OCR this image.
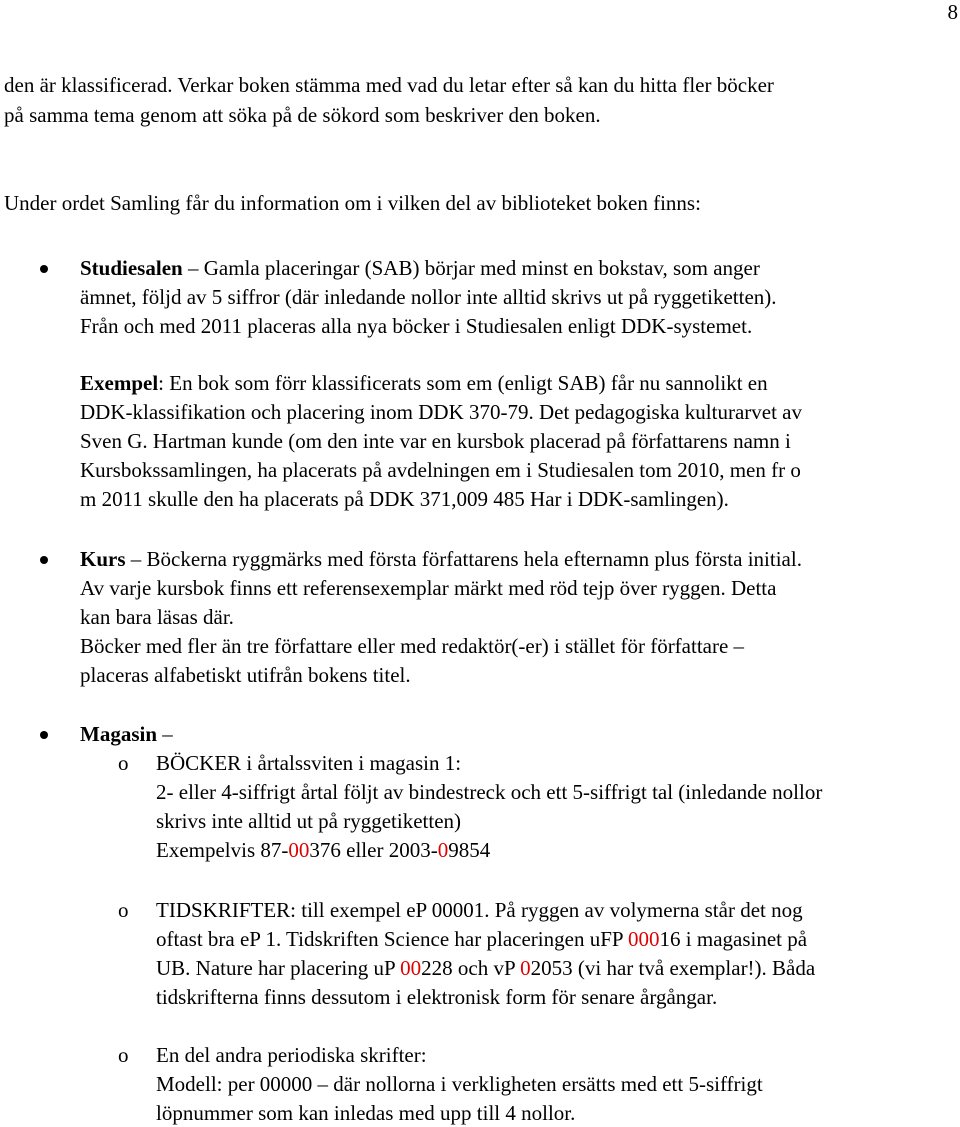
8
den är klassificerad. Verkar boken stämma med vad du letar efter så kan du hitta fler böcker
på samma tema genom att söka på de sökord som beskriver den boken.
Under ordet Samling får du information om i vilken del av biblioteket boken finns:
Studiesalen – Gamla placeringar (SAB) börjar med minst en bokstav, som anger
ämnet, följd av 5 siffror (där inledande nollor inte alltid skrivs ut på ryggetiketten).
Från och med 2011 placeras alla nya böcker i Studiesalen enligt DDK-systemet.
Exempel: En bok som förr klassificerats som em (enligt SAB) får nu sannolikt en
DDK-klassifikation och placering inom DDK 370-79. Det pedagogiska kulturarvet av
Sven G. Hartman kunde (om den inte var en kursbok placerad på författarens namn i
Kursbokssamlingen, ha placerats på avdelningen em i Studiesalen tom 2010, men fr o
m 2011 skulle den ha placerats på DDK 371,009 485 Har i DDK-samlingen).
Kurs – Böckerna ryggmärks med första författarens hela efternamn plus första initial.
Av varje kursbok finns ett referensexemplar märkt med röd tejp över ryggen. Detta
kan bara läsas där.
Böcker med fler än tre författare eller med redaktör(-er) i stället för författare –
placeras alfabetiskt utifrån bokens titel.
Magasin –
o BÖCKER i årtalssviten i magasin 1:
2- eller 4-siffrigt årtal följt av bindestreck och ett 5-siffrigt tal (inledande nollor
skrivs inte alltid ut på ryggetiketten)
Exempelvis 87-00376 eller 2003-09854
o TIDSKRIFTER: till exempel eP 00001. På ryggen av volymerna står det nog
oftast bra eP 1. Tidskriften Science har placeringen uFP 00016 i magasinet på
UB. Nature har placering uP 00228 och vP 02053 (vi har två exemplar!). Båda
tidskrifterna finns dessutom i elektronisk form för senare årgångar.
o En del andra periodiska skrifter:
Modell: per 00000 – där nollorna i verkligheten ersätts med ett 5-siffrigt
löpnummer som kan inledas med upp till 4 nollor.
